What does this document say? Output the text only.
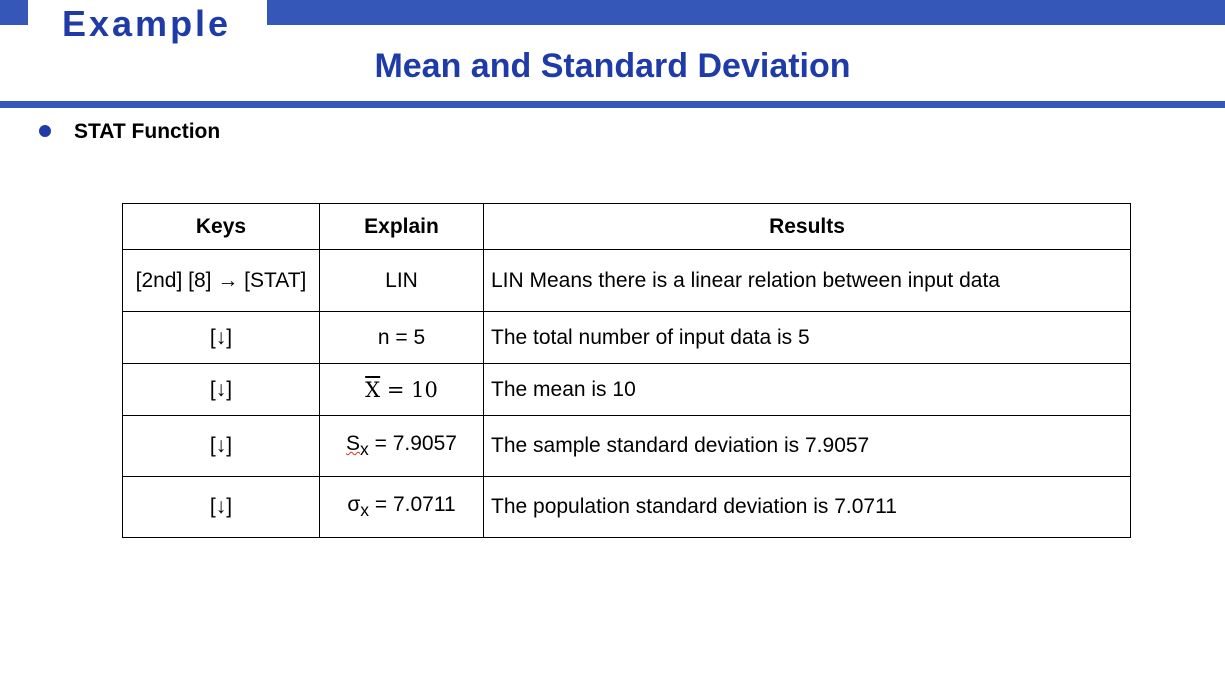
Example
Mean and Standard Deviation
STAT Function
Keys	Explain	Results
[2nd] [8] → [STAT]	LIN	LIN Means there is a linear relation between input data
[↓]	n = 5	The total number of input data is 5
[↓]	$\overline{X} = 10$	The mean is 10
[↓]	$S_x = 7.9057$	The sample standard deviation is 7.9057
[↓]	$\sigma_x = 7.0711$	The population standard deviation is 7.0711
